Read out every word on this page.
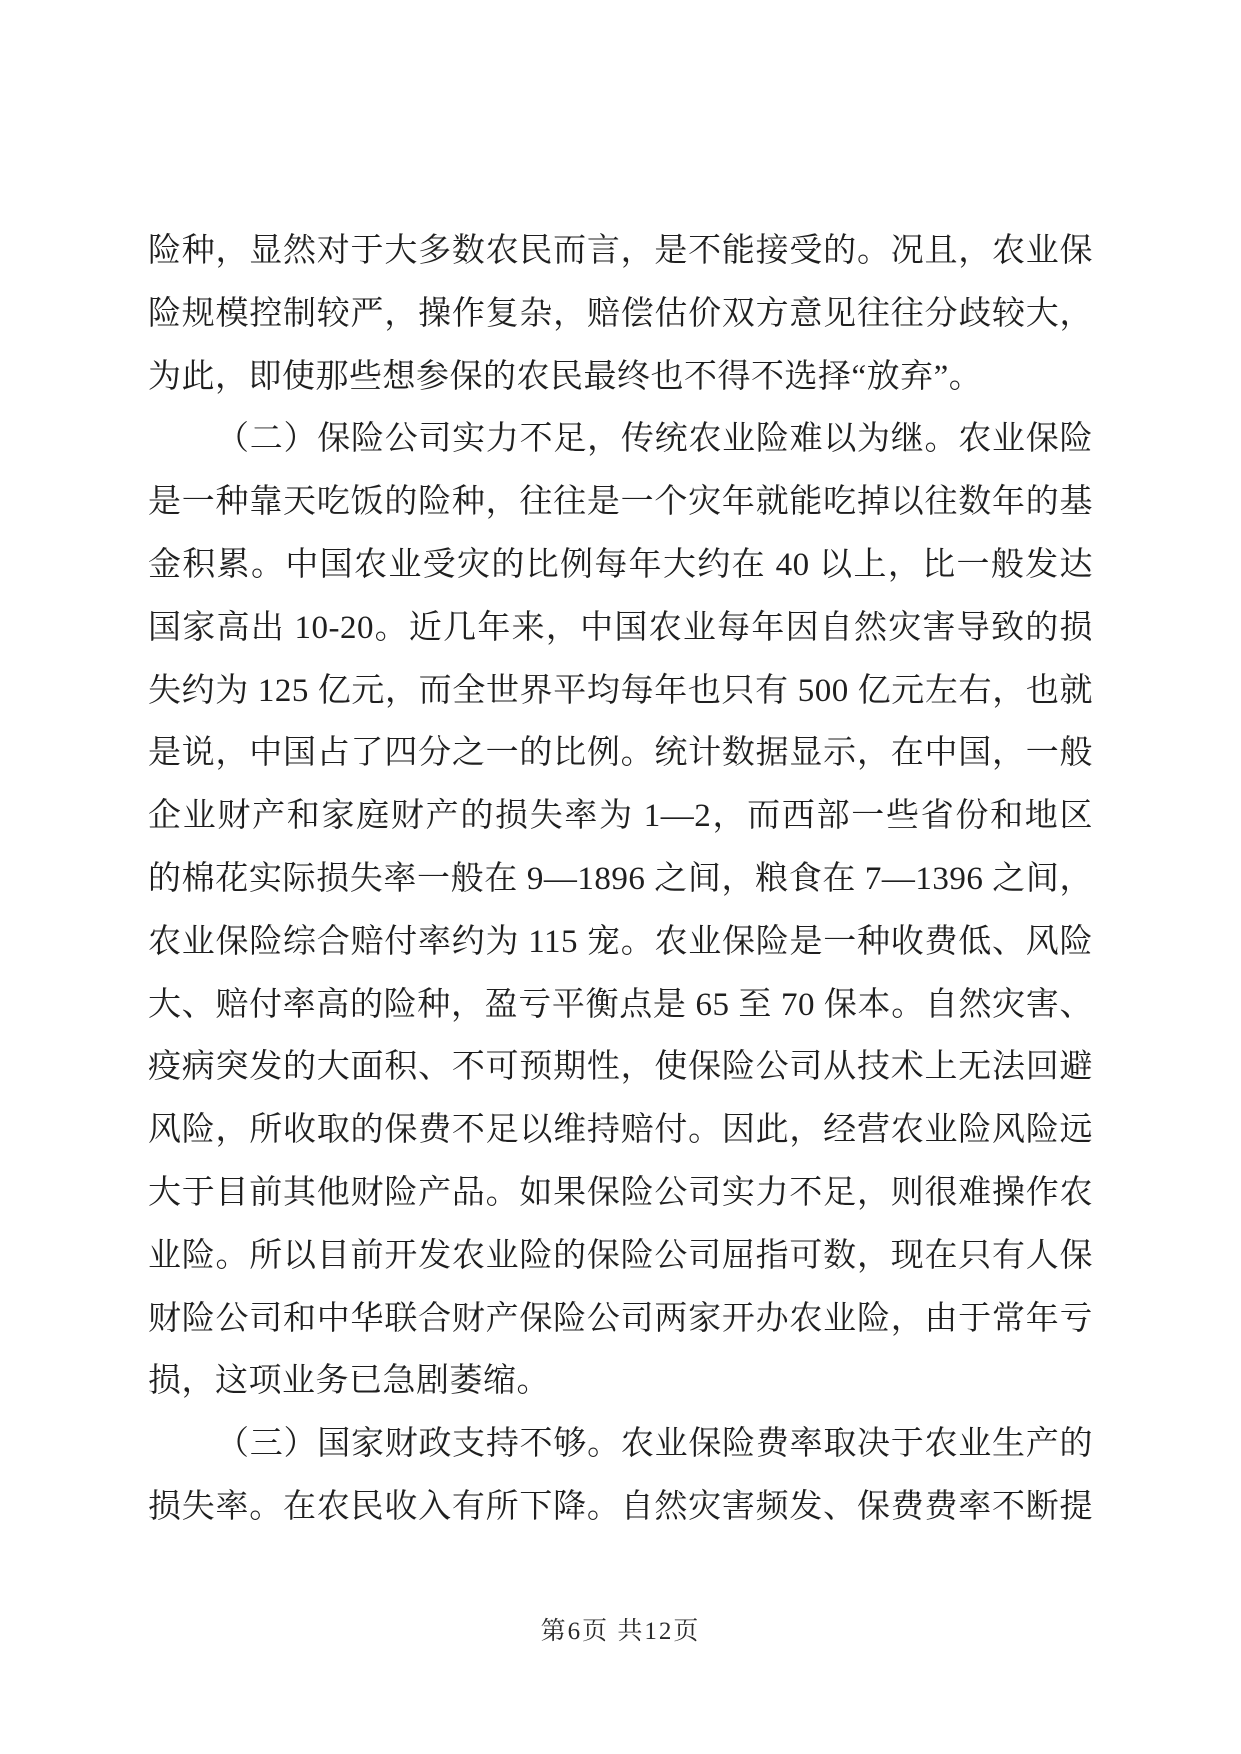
险种，显然对于大多数农民而言，是不能接受的。况且，农业保
险规模控制较严，操作复杂，赔偿估价双方意见往往分歧较大，
为此，即使那些想参保的农民最终也不得不选择“放弃”。
（二）保险公司实力不足，传统农业险难以为继。农业保险
是一种靠天吃饭的险种，往往是一个灾年就能吃掉以往数年的基
金积累。中国农业受灾的比例每年大约在 40 以上，比一般发达
国家高出 10-20。近几年来，中国农业每年因自然灾害导致的损
失约为 125 亿元，而全世界平均每年也只有 500 亿元左右，也就
是说，中国占了四分之一的比例。统计数据显示，在中国，一般
企业财产和家庭财产的损失率为 1—2，而西部一些省份和地区
的棉花实际损失率一般在 9—1896 之间，粮食在 7—1396 之间，
农业保险综合赔付率约为 115 宠。农业保险是一种收费低、风险
大、赔付率高的险种，盈亏平衡点是 65 至 70 保本。自然灾害、
疫病突发的大面积、不可预期性，使保险公司从技术上无法回避
风险，所收取的保费不足以维持赔付。因此，经营农业险风险远
大于目前其他财险产品。如果保险公司实力不足，则很难操作农
业险。所以目前开发农业险的保险公司屈指可数，现在只有人保
财险公司和中华联合财产保险公司两家开办农业险，由于常年亏
损，这项业务已急剧萎缩。
（三）国家财政支持不够。农业保险费率取决于农业生产的
损失率。在农民收入有所下降。自然灾害频发、保费费率不断提
第6页 共12页
